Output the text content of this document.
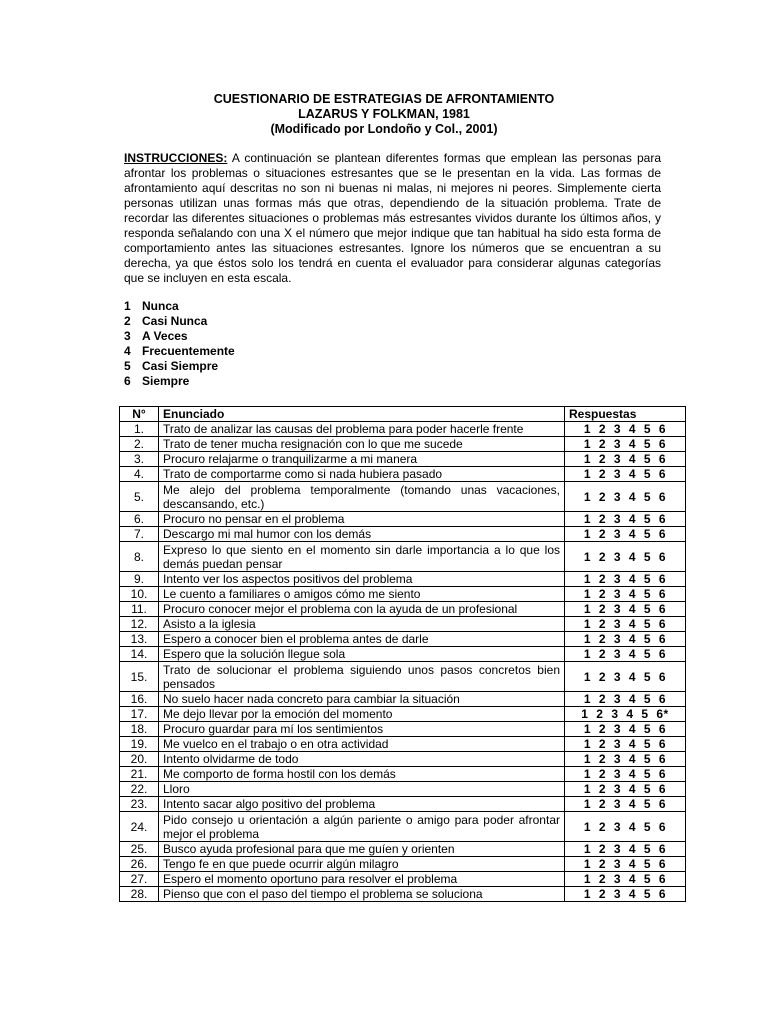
CUESTIONARIO DE ESTRATEGIAS DE AFRONTAMIENTO
LAZARUS Y FOLKMAN, 1981
(Modificado por Londoño y Col., 2001)
INSTRUCCIONES: A continuación se plantean diferentes formas que emplean las personas para afrontar los problemas o situaciones estresantes que se le presentan en la vida. Las formas de afrontamiento aquí descritas no son ni buenas ni malas, ni mejores ni peores. Simplemente cierta personas utilizan unas formas más que otras, dependiendo de la situación problema. Trate de recordar las diferentes situaciones o problemas más estresantes vividos durante los últimos años, y responda señalando con una X el número que mejor indique que tan habitual ha sido esta forma de comportamiento antes las situaciones estresantes. Ignore los números que se encuentran a su derecha, ya que éstos solo los tendrá en cuenta el evaluador para considerar algunas categorías que se incluyen en esta escala.
1 Nunca
2 Casi Nunca
3 A Veces
4 Frecuentemente
5 Casi Siempre
6 Siempre
N°	Enunciado	Respuestas
1.	Trato de analizar las causas del problema para poder hacerle frente	1 2 3 4 5 6
2.	Trato de tener mucha resignación con lo que me sucede	1 2 3 4 5 6
3.	Procuro relajarme o tranquilizarme a mi manera	1 2 3 4 5 6
4.	Trato de comportarme como si nada hubiera pasado	1 2 3 4 5 6
5.	Me alejo del problema temporalmente (tomando unas vacaciones, descansando, etc.)	1 2 3 4 5 6
6.	Procuro no pensar en el problema	1 2 3 4 5 6
7.	Descargo mi mal humor con los demás	1 2 3 4 5 6
8.	Expreso lo que siento en el momento sin darle importancia a lo que los demás puedan pensar	1 2 3 4 5 6
9.	Intento ver los aspectos positivos del problema	1 2 3 4 5 6
10.	Le cuento a familiares o amigos cómo me siento	1 2 3 4 5 6
11.	Procuro conocer mejor el problema con la ayuda de un profesional	1 2 3 4 5 6
12.	Asisto a la iglesia	1 2 3 4 5 6
13.	Espero a conocer bien el problema antes de darle	1 2 3 4 5 6
14.	Espero que la solución llegue sola	1 2 3 4 5 6
15.	Trato de solucionar el problema siguiendo unos pasos concretos bien pensados	1 2 3 4 5 6
16.	No suelo hacer nada concreto para cambiar la situación	1 2 3 4 5 6
17.	Me dejo llevar por la emoción del momento	1 2 3 4 5 6*
18.	Procuro guardar para mí los sentimientos	1 2 3 4 5 6
19.	Me vuelco en el trabajo o en otra actividad	1 2 3 4 5 6
20.	Intento olvidarme de todo	1 2 3 4 5 6
21.	Me comporto de forma hostil con los demás	1 2 3 4 5 6
22.	Lloro	1 2 3 4 5 6
23.	Intento sacar algo positivo del problema	1 2 3 4 5 6
24.	Pido consejo u orientación a algún pariente o amigo para poder afrontar mejor el problema	1 2 3 4 5 6
25.	Busco ayuda profesional para que me guíen y orienten	1 2 3 4 5 6
26.	Tengo fe en que puede ocurrir algún milagro	1 2 3 4 5 6
27.	Espero el momento oportuno para resolver el problema	1 2 3 4 5 6
28.	Pienso que con el paso del tiempo el problema se soluciona	1 2 3 4 5 6
